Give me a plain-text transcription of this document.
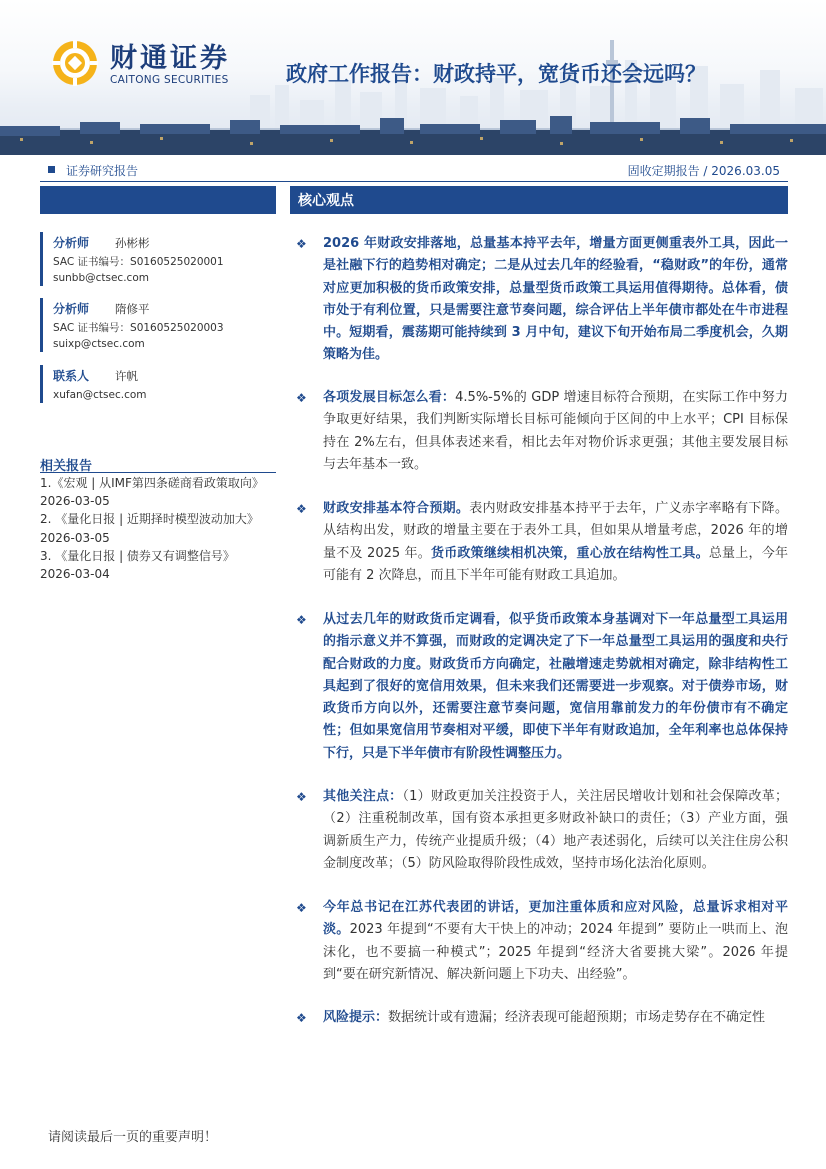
财通证券
CAITONG SECURITIES	政府工作报告：财政持平，宽货币还会远吗？
证券研究报告	固收定期报告 / 2026.03.05
分析师 孙彬彬
SAC 证书编号：S0160525020001
sunbb@ctsec.com
分析师 隋修平
SAC 证书编号：S0160525020003
suixp@ctsec.com
联系人 许帆
xufan@ctsec.com
相关报告
1.《宏观 | 从IMF第四条磋商看政策取向》
2026-03-05
2. 《量化日报 | 近期择时模型波动加大》
2026-03-05
3. 《量化日报 | 债券又有调整信号》
2026-03-04
核心观点
❖ 2026 年财政安排落地，总量基本持平去年，增量方面更侧重表外工具，因此一是社融下行的趋势相对确定；二是从过去几年的经验看，“稳财政”的年份，通常对应更加积极的货币政策安排，总量型货币政策工具运用值得期待。总体看，债市处于有利位置，只是需要注意节奏问题，综合评估上半年债市都处在牛市进程中。短期看，震荡期可能持续到 3 月中旬，建议下旬开始布局二季度机会，久期策略为佳。
❖ 各项发展目标怎么看：4.5%-5%的 GDP 增速目标符合预期，在实际工作中努力争取更好结果，我们判断实际增长目标可能倾向于区间的中上水平；CPI 目标保持在 2%左右，但具体表述来看，相比去年对物价诉求更强；其他主要发展目标与去年基本一致。
❖ 财政安排基本符合预期。表内财政安排基本持平于去年，广义赤字率略有下降。从结构出发，财政的增量主要在于表外工具，但如果从增量考虑，2026 年的增量不及 2025 年。货币政策继续相机决策，重心放在结构性工具。总量上，今年可能有 2 次降息，而且下半年可能有财政工具追加。
❖ 从过去几年的财政货币定调看，似乎货币政策本身基调对下一年总量型工具运用的指示意义并不算强，而财政的定调决定了下一年总量型工具运用的强度和央行配合财政的力度。财政货币方向确定，社融增速走势就相对确定，除非结构性工具起到了很好的宽信用效果，但未来我们还需要进一步观察。对于债券市场，财政货币方向以外，还需要注意节奏问题，宽信用靠前发力的年份债市有不确定性；但如果宽信用节奏相对平缓，即使下半年有财政追加，全年利率也总体保持下行，只是下半年债市有阶段性调整压力。
❖ 其他关注点：（1）财政更加关注投资于人，关注居民增收计划和社会保障改革；（2）注重税制改革，国有资本承担更多财政补缺口的责任；（3）产业方面，强调新质生产力，传统产业提质升级；（4）地产表述弱化，后续可以关注住房公积金制度改革；（5）防风险取得阶段性成效，坚持市场化法治化原则。
❖ 今年总书记在江苏代表团的讲话，更加注重体质和应对风险，总量诉求相对平淡。2023 年提到“不要有大干快上的冲动；2024 年提到” 要防止一哄而上、泡沫化，也不要搞一种模式”；2025 年提到“经济大省要挑大梁”。2026 年提到“要在研究新情况、解决新问题上下功夫、出经验”。
❖ 风险提示：数据统计或有遗漏；经济表现可能超预期；市场走势存在不确定性
请阅读最后一页的重要声明！
